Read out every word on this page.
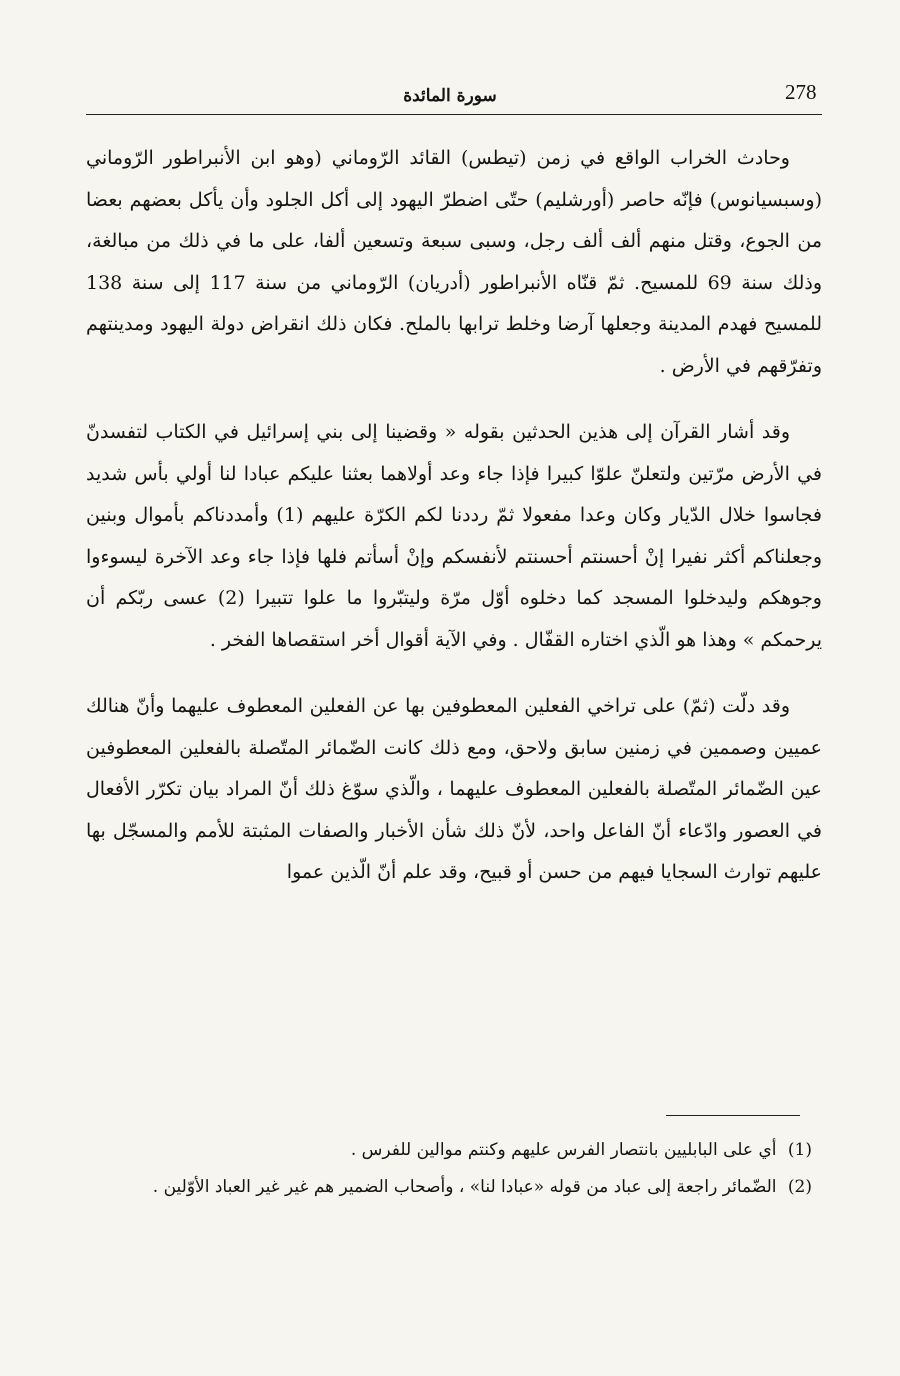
278
سورة المائدة

وحادث الخراب الواقع في زمن (تيطس) القائد الرّوماني (وهو ابن الأنبراطور الرّوماني (وسبسيانوس) فإنّه حاصر (أورشليم) حتّى اضطرّ اليهود إلى أكل الجلود وأن يأكل بعضهم بعضا من الجوع، وقتل منهم ألف ألف رجل، وسبى سبعة وتسعين ألفا، على ما في ذلك من مبالغة، وذلك سنة 69 للمسيح. ثمّ قنّاه الأنبراطور (أدريان) الرّوماني من سنة 117 إلى سنة 138 للمسيح فهدم المدينة وجعلها آرضا وخلط ترابها بالملح. فكان ذلك انقراض دولة اليهود ومدينتهم وتفرّقهم في الأرض .

وقد أشار القرآن إلى هذين الحدثين بقوله « وقضينا إلى بني إسرائيل في الكتاب لتفسدنّ في الأرض مرّتين ولتعلنّ علوّا كبيرا فإذا جاء وعد أولاهما بعثنا عليكم عبادا لنا أولي بأس شديد فجاسوا خلال الدّيار وكان وعدا مفعولا ثمّ رددنا لكم الكرّة عليهم (1) وأمددناكم بأموال وبنين وجعلناكم أكثر نفيرا إنْ أحسنتم أحسنتم لأنفسكم وإنْ أسأتم فلها فإذا جاء وعد الآخرة ليسوءوا وجوهكم وليدخلوا المسجد كما دخلوه أوّل مرّة وليتبّروا ما علوا تتبيرا (2) عسى ربّكم أن يرحمكم » وهذا هو الّذي اختاره القفّال . وفي الآية أقوال أخر استقصاها الفخر .

وقد دلّت (ثمّ) على تراخي الفعلين المعطوفين بها عن الفعلين المعطوف عليهما وأنّ هنالك عميين وصممين في زمنين سابق ولاحق، ومع ذلك كانت الضّمائر المتّصلة بالفعلين المعطوفين عين الضّمائر المتّصلة بالفعلين المعطوف عليهما ، والّذي سوّغ ذلك أنّ المراد بيان تكرّر الأفعال في العصور وادّعاء أنّ الفاعل واحد، لأنّ ذلك شأن الأخبار والصفات المثبتة للأمم والمسجّل بها عليهم توارث السجايا فيهم من حسن أو قبيح، وقد علم أنّ الّذين عموا

(1) أي على البابليين بانتصار الفرس عليهم وكنتم موالين للفرس .

(2) الضّمائر راجعة إلى عباد من قوله «عبادا لنا» ، وأصحاب الضمير هم غير غير العباد الأوّلين .
